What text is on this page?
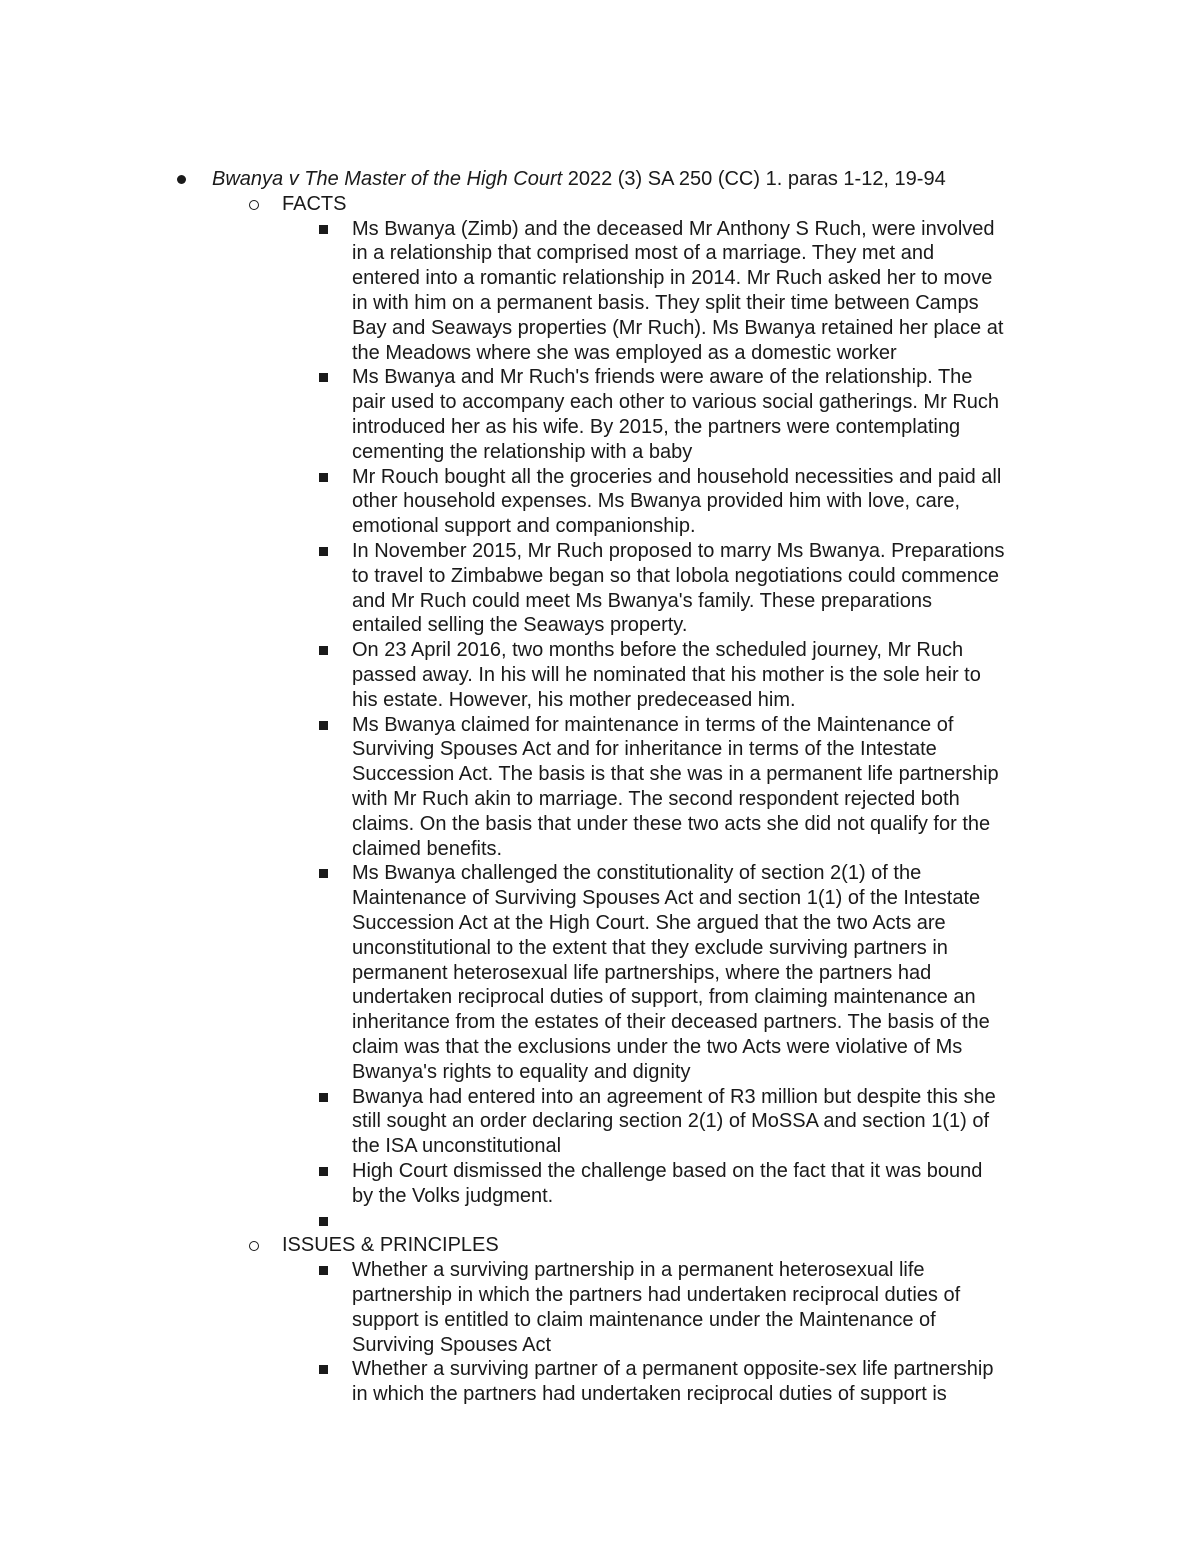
Bwanya v The Master of the High Court 2022 (3) SA 250 (CC) 1. paras 1-12, 19-94
FACTS
Ms Bwanya (Zimb) and the deceased Mr Anthony S Ruch, were involved
in a relationship that comprised most of a marriage. They met and
entered into a romantic relationship in 2014. Mr Ruch asked her to move
in with him on a permanent basis. They split their time between Camps
Bay and Seaways properties (Mr Ruch). Ms Bwanya retained her place at
the Meadows where she was employed as a domestic worker
Ms Bwanya and Mr Ruch's friends were aware of the relationship. The
pair used to accompany each other to various social gatherings. Mr Ruch
introduced her as his wife. By 2015, the partners were contemplating
cementing the relationship with a baby
Mr Rouch bought all the groceries and household necessities and paid all
other household expenses. Ms Bwanya provided him with love, care,
emotional support and companionship.
In November 2015, Mr Ruch proposed to marry Ms Bwanya. Preparations
to travel to Zimbabwe began so that lobola negotiations could commence
and Mr Ruch could meet Ms Bwanya's family. These preparations
entailed selling the Seaways property.
On 23 April 2016, two months before the scheduled journey, Mr Ruch
passed away. In his will he nominated that his mother is the sole heir to
his estate. However, his mother predeceased him.
Ms Bwanya claimed for maintenance in terms of the Maintenance of
Surviving Spouses Act and for inheritance in terms of the Intestate
Succession Act. The basis is that she was in a permanent life partnership
with Mr Ruch akin to marriage. The second respondent rejected both
claims. On the basis that under these two acts she did not qualify for the
claimed benefits.
Ms Bwanya challenged the constitutionality of section 2(1) of the
Maintenance of Surviving Spouses Act and section 1(1) of the Intestate
Succession Act at the High Court. She argued that the two Acts are
unconstitutional to the extent that they exclude surviving partners in
permanent heterosexual life partnerships, where the partners had
undertaken reciprocal duties of support, from claiming maintenance an
inheritance from the estates of their deceased partners. The basis of the
claim was that the exclusions under the two Acts were violative of Ms
Bwanya's rights to equality and dignity
Bwanya had entered into an agreement of R3 million but despite this she
still sought an order declaring section 2(1) of MoSSA and section 1(1) of
the ISA unconstitutional
High Court dismissed the challenge based on the fact that it was bound
by the Volks judgment.
ISSUES & PRINCIPLES
Whether a surviving partnership in a permanent heterosexual life
partnership in which the partners had undertaken reciprocal duties of
support is entitled to claim maintenance under the Maintenance of
Surviving Spouses Act
Whether a surviving partner of a permanent opposite-sex life partnership
in which the partners had undertaken reciprocal duties of support is
